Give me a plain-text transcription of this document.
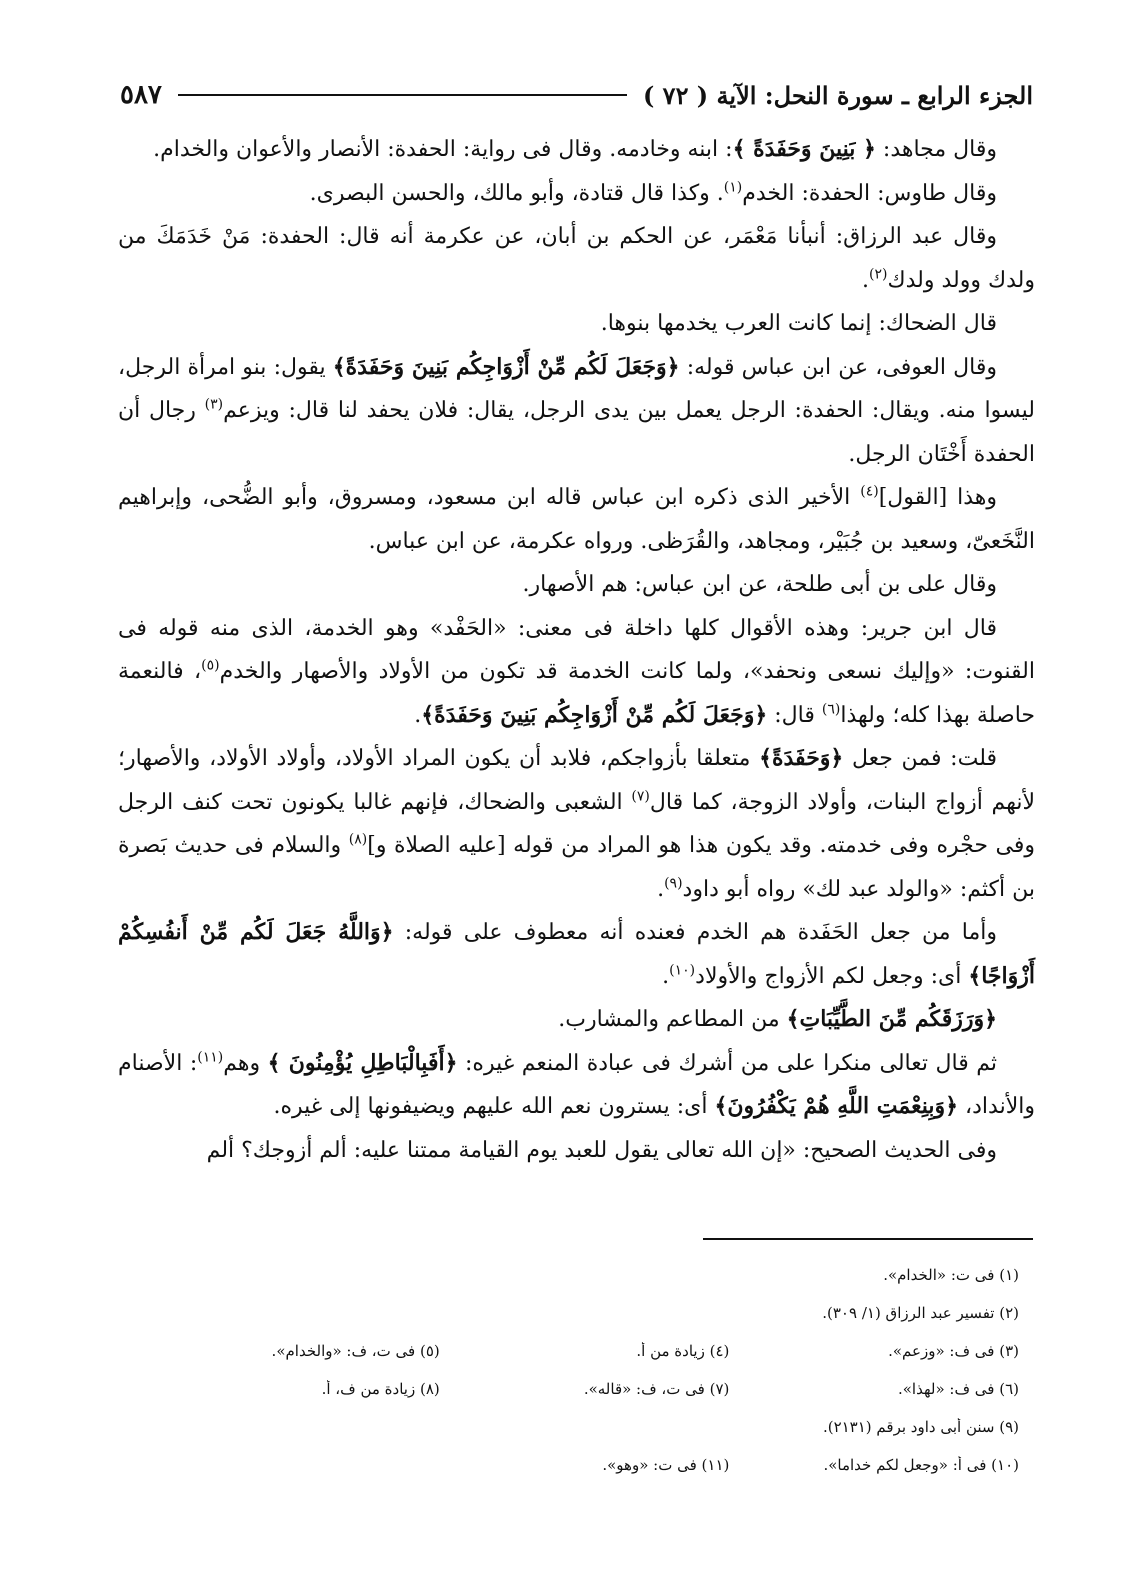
الجزء الرابع ـ سورة النحل: الآية ( ٧٢ )
٥٨٧

وقال مجاهد: ﴿ بَنِينَ وَحَفَدَةً ﴾: ابنه وخادمه. وقال فى رواية: الحفدة: الأنصار والأعوان والخدام.

وقال طاوس: الحفدة: الخدم$^{(١)}$. وكذا قال قتادة، وأبو مالك، والحسن البصرى.

وقال عبد الرزاق: أنبأنا مَعْمَر، عن الحكم بن أبان، عن عكرمة أنه قال: الحفدة: مَنْ خَدَمَكَ من ولدك وولد ولدك$^{(٢)}$.

قال الضحاك: إنما كانت العرب يخدمها بنوها.

وقال العوفى، عن ابن عباس قوله: ﴿وَجَعَلَ لَكُم مِّنْ أَزْوَاجِكُم بَنِينَ وَحَفَدَةً﴾ يقول: بنو امرأة الرجل، ليسوا منه. ويقال: الحفدة: الرجل يعمل بين يدى الرجل، يقال: فلان يحفد لنا قال: ويزعم$^{(٣)}$ رجال أن الحفدة أَخْتَان الرجل.

وهذا [القول]$^{(٤)}$ الأخير الذى ذكره ابن عباس قاله ابن مسعود، ومسروق، وأبو الضُّحى، وإبراهيم النَّخَعىّ، وسعيد بن جُبَيْر، ومجاهد، والقُرَظى. ورواه عكرمة، عن ابن عباس.

وقال على بن أبى طلحة، عن ابن عباس: هم الأصهار.

قال ابن جرير: وهذه الأقوال كلها داخلة فى معنى: «الحَفْد» وهو الخدمة، الذى منه قوله فى القنوت: «وإليك نسعى ونحفد»، ولما كانت الخدمة قد تكون من الأولاد والأصهار والخدم$^{(٥)}$، فالنعمة حاصلة بهذا كله؛ ولهذا$^{(٦)}$ قال: ﴿وَجَعَلَ لَكُم مِّنْ أَزْوَاجِكُم بَنِينَ وَحَفَدَةً﴾.

قلت: فمن جعل ﴿وَحَفَدَةً﴾ متعلقا بأزواجكم، فلابد أن يكون المراد الأولاد، وأولاد الأولاد، والأصهار؛ لأنهم أزواج البنات، وأولاد الزوجة، كما قال$^{(٧)}$ الشعبى والضحاك، فإنهم غالبا يكونون تحت كنف الرجل وفى حجْره وفى خدمته. وقد يكون هذا هو المراد من قوله [عليه الصلاة و]$^{(٨)}$ والسلام فى حديث بَصرة بن أكثم: «والولد عبد لك» رواه أبو داود$^{(٩)}$.

وأما من جعل الحَفَدة هم الخدم فعنده أنه معطوف على قوله: ﴿وَاللَّهُ جَعَلَ لَكُم مِّنْ أَنفُسِكُمْ أَزْوَاجًا﴾ أى: وجعل لكم الأزواج والأولاد$^{(١٠)}$.

﴿وَرَزَقَكُم مِّنَ الطَّيِّبَاتِ﴾ من المطاعم والمشارب.

ثم قال تعالى منكرا على من أشرك فى عبادة المنعم غيره: ﴿أَفَبِالْبَاطِلِ يُؤْمِنُونَ ﴾ وهم$^{(١١)}$: الأصنام والأنداد، ﴿وَبِنِعْمَتِ اللَّهِ هُمْ يَكْفُرُونَ﴾ أى: يسترون نعم الله عليهم ويضيفونها إلى غيره.

وفى الحديث الصحيح: «إن الله تعالى يقول للعبد يوم القيامة ممتنا عليه: ألم أزوجك؟ ألم

(١) فى ت: «الخدام».
(٢) تفسير عبد الرزاق (١/ ٣٠٩).
(٣) فى ف: «وزعم».
(٤) زيادة من أ.
(٥) فى ت، ف: «والخدام».
(٦) فى ف: «لهذا».
(٧) فى ت، ف: «قاله».
(٨) زيادة من ف، أ.
(٩) سنن أبى داود برقم (٢١٣١).
(١٠) فى أ: «وجعل لكم خداما».
(١١) فى ت: «وهو».
